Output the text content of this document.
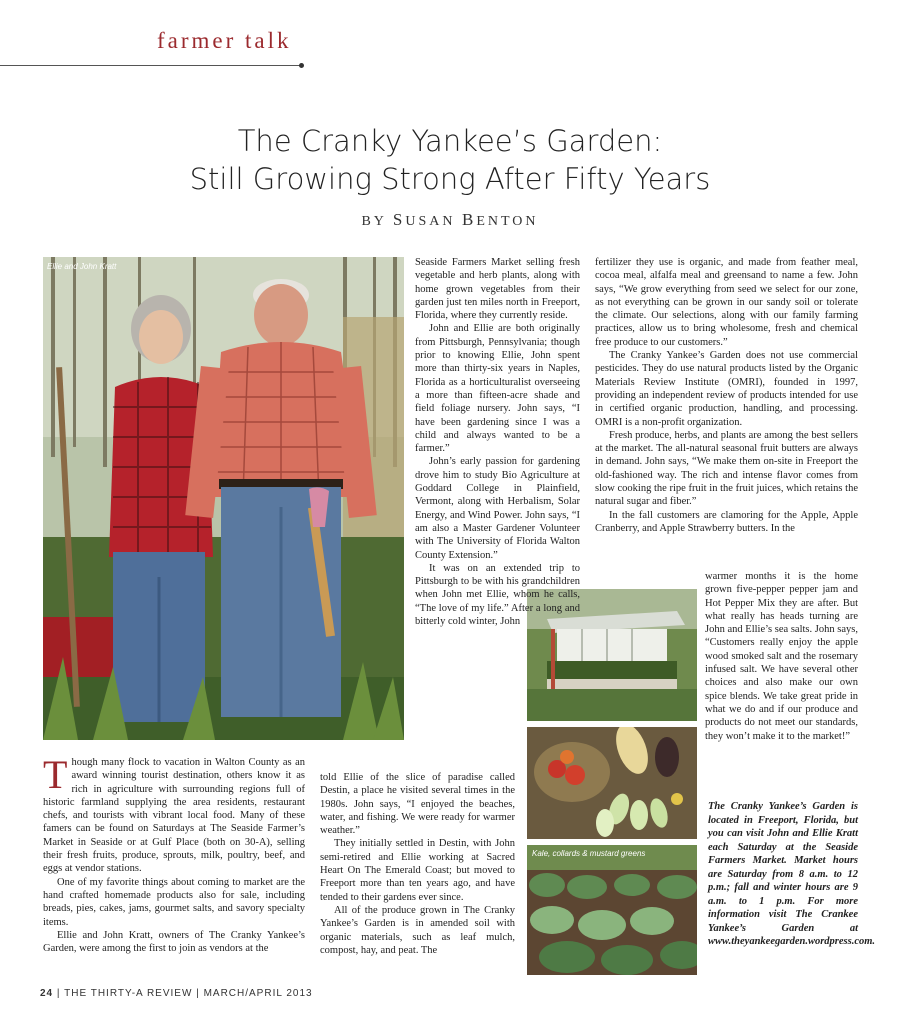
farmer talk
The Cranky Yankee’s Garden:
Still Growing Strong After Fifty Years
BY SUSAN BENTON
Ellie and John Kratt
Kale, collards & mustard greens

Though many flock to vacation in Walton County as an award winning tourist destination, others know it as rich in agriculture with surrounding regions full of historic farmland supplying the area residents, restaurant chefs, and tourists with vibrant local food. Many of these famers can be found on Saturdays at The Seaside Farmer’s Market in Seaside or at Gulf Place (both on 30-A), selling their fresh fruits, produce, sprouts, milk, poultry, beef, and eggs at vendor stations.

One of my favorite things about coming to market are the hand crafted homemade products also for sale, including breads, pies, cakes, jams, gourmet salts, and savory specialty items.

Ellie and John Kratt, owners of The Cranky Yankee’s Garden, were among the first to join as vendors at the

Seaside Farmers Market selling fresh vegetable and herb plants, along with home grown vegetables from their garden just ten miles north in Freeport, Florida, where they currently reside.

John and Ellie are both originally from Pittsburgh, Pennsylvania; though prior to knowing Ellie, John spent more than thirty-six years in Naples, Florida as a horticulturalist overseeing a more than fifteen-acre shade and field foliage nursery. John says, “I have been gardening since I was a child and always wanted to be a farmer.”

John’s early passion for gardening drove him to study Bio Agriculture at Goddard College in Plainfield, Vermont, along with Herbalism, Solar Energy, and Wind Power. John says, “I am also a Master Gardener Volunteer with The University of Florida Walton County Extension.”

It was on an extended trip to Pittsburgh to be with his grandchildren when John met Ellie, whom he calls, “The love of my life.” After a long and bitterly cold winter, John

told Ellie of the slice of paradise called Destin, a place he visited several times in the 1980s. John says, “I enjoyed the beaches, water, and fishing. We were ready for warmer weather.”

They initially settled in Destin, with John semi-retired and Ellie working at Sacred Heart On The Emerald Coast; but moved to Freeport more than ten years ago, and have tended to their gardens ever since.

All of the produce grown in The Cranky Yankee’s Garden is in amended soil with organic materials, such as leaf mulch, compost, hay, and peat. The

fertilizer they use is organic, and made from feather meal, cocoa meal, alfalfa meal and greensand to name a few. John says, “We grow everything from seed we select for our zone, as not everything can be grown in our sandy soil or tolerate the climate. Our selections, along with our family farming practices, allow us to bring wholesome, fresh and chemical free produce to our customers.”

The Cranky Yankee’s Garden does not use commercial pesticides. They do use natural products listed by the Organic Materials Review Institute (OMRI), founded in 1997, providing an independent review of products intended for use in certified organic production, handling, and processing. OMRI is a non-profit organization.

Fresh produce, herbs, and plants are among the best sellers at the market. The all-natural seasonal fruit butters are always in demand. John says, “We make them on-site in Freeport the old-fashioned way. The rich and intense flavor comes from slow cooking the ripe fruit in the fruit juices, which retains the natural sugar and fiber.”

In the fall customers are clamoring for the Apple, Apple Cranberry, and Apple Strawberry butters. In the

warmer months it is the home grown five-pepper pepper jam and Hot Pepper Mix they are after. But what really has heads turning are John and Ellie’s sea salts. John says, “Customers really enjoy the apple wood smoked salt and the rosemary infused salt. We have several other choices and also make our own spice blends. We take great pride in what we do and if our produce and products do not meet our standards, they won’t make it to the market!”

The Cranky Yankee’s Garden is located in Freeport, Florida, but you can visit John and Ellie Kratt each Saturday at the Seaside Farmers Market. Market hours are Saturday from 8 a.m. to 12 p.m.; fall and winter hours are 9 a.m. to 1 p.m. For more information visit The Crankee Yankee’s Garden at www.theyankeegarden.wordpress.com.
24 | THE THIRTY-A REVIEW | MARCH/APRIL 2013
